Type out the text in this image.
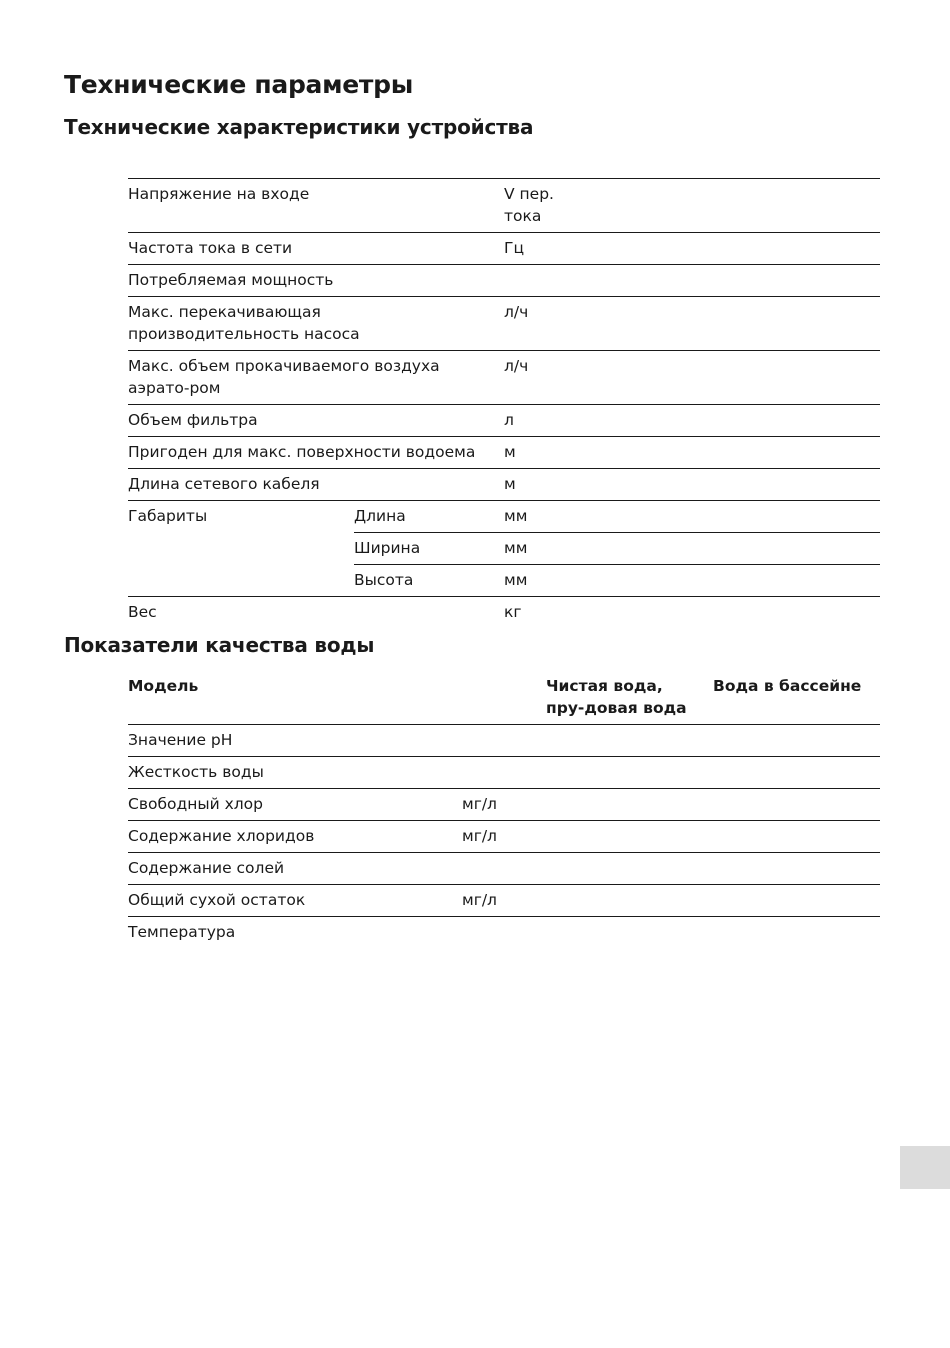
Технические параметры
Технические характеристики устройства
Напряжение на входе		V пер. тока
Частота тока в сети		Гц
Потребляемая мощность		
Макс. перекачивающая производительность насоса		л/ч
Макс. объем прокачиваемого воздуха аэрато-ром		л/ч
Объем фильтра		л
Пригоден для макс. поверхности водоема		м
Длина сетевого кабеля		м
Габариты	Длина	мм
	Ширина	мм
	Высота	мм
Вес		кг
Показатели качества воды
Модель		Чистая вода, пру-довая вода	Вода в бассейне
Значение pH			
Жесткость воды			
Свободный хлор	мг/л		
Содержание хлоридов	мг/л		
Содержание солей			
Общий сухой остаток	мг/л		
Температура			
